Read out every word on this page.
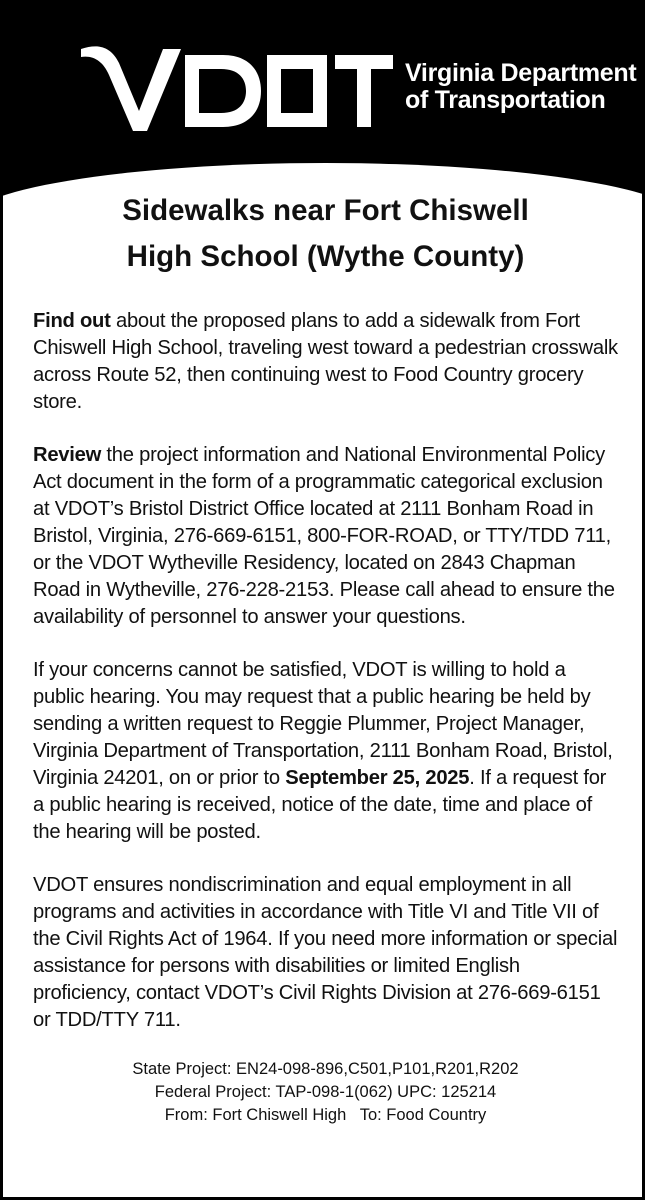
Virginia Department
of Transportation
Sidewalks near Fort Chiswell
High School (Wythe County)

Find out about the proposed plans to add a sidewalk from Fort Chiswell High School, traveling west toward a pedestrian crosswalk across Route 52, then continuing west to Food Country grocery store.

Review the project information and National Environmental Policy Act document in the form of a programmatic categorical exclusion at VDOT’s Bristol District Office located at 2111 Bonham Road in Bristol, Virginia, 276-669-6151, 800-FOR-ROAD, or TTY/TDD 711, or the VDOT Wytheville Residency, located on 2843 Chapman Road in Wytheville, 276-228-2153. Please call ahead to ensure the availability of personnel to answer your questions.

If your concerns cannot be satisfied, VDOT is willing to hold a public hearing. You may request that a public hearing be held by sending a written request to Reggie Plummer, Project Manager, Virginia Department of Transportation, 2111 Bonham Road, Bristol, Virginia 24201, on or prior to September 25, 2025. If a request for a public hearing is received, notice of the date, time and place of the hearing will be posted.

VDOT ensures nondiscrimination and equal employment in all programs and activities in accordance with Title VI and Title VII of the Civil Rights Act of 1964. If you need more information or special assistance for persons with disabilities or limited English proficiency, contact VDOT’s Civil Rights Division at 276-669-6151 or TDD/TTY 711.

State Project: EN24-098-896,C501,P101,R201,R202
Federal Project: TAP-098-1(062) UPC: 125214
From: Fort Chiswell High   To: Food Country
